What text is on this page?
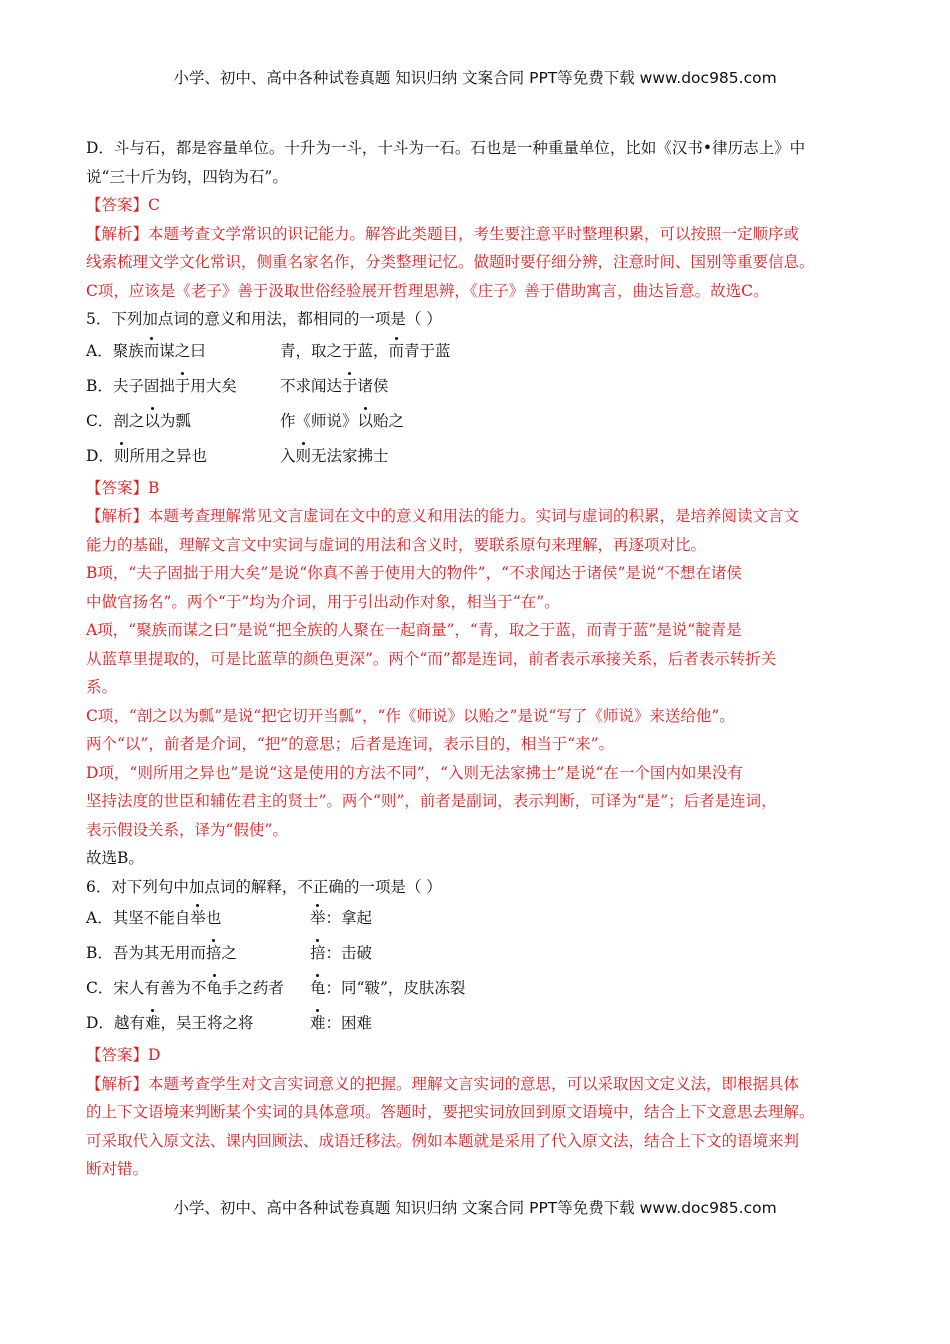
小学、初中、高中各种试卷真题 知识归纳 文案合同 PPT等免费下载 www.doc985.com
D．斗与石，都是容量单位。十升为一斗，十斗为一石。石也是一种重量单位，比如《汉书•律历志上》中
说“三十斤为钧，四钧为石”。
【答案】C
【解析】本题考查文学常识的识记能力。解答此类题目，考生要注意平时整理积累，可以按照一定顺序或
线索梳理文学文化常识，侧重名家名作，分类整理记忆。做题时要仔细分辨，注意时间、国别等重要信息。
C项，应该是《老子》善于汲取世俗经验展开哲理思辨，《庄子》善于借助寓言，曲达旨意。故选C。
5．下列加点词的意义和用法，都相同的一项是（ ）
A．聚族而谋之曰	青，取之于蓝，而青于蓝
B．夫子固拙于用大矣	不求闻达于诸侯
C．剖之以为瓢	作《师说》以贻之
D．则所用之异也	入则无法家拂士
【答案】B
【解析】本题考查理解常见文言虚词在文中的意义和用法的能力。实词与虚词的积累，是培养阅读文言文
能力的基础，理解文言文中实词与虚词的用法和含义时，要联系原句来理解，再逐项对比。
B项，“夫子固拙于用大矣”是说“你真不善于使用大的物件”，“不求闻达于诸侯”是说“不想在诸侯
中做官扬名”。两个“于”均为介词，用于引出动作对象，相当于“在”。
A项，“聚族而谋之曰”是说“把全族的人聚在一起商量”，“青，取之于蓝，而青于蓝”是说“靛青是
从蓝草里提取的，可是比蓝草的颜色更深”。两个“而”都是连词，前者表示承接关系，后者表示转折关
系。
C项，“剖之以为瓢”是说“把它切开当瓢”，“作《师说》以贻之”是说“写了《师说》来送给他”。
两个“以”，前者是介词，“把”的意思；后者是连词，表示目的，相当于“来”。
D项，“则所用之异也”是说“这是使用的方法不同”，“入则无法家拂士”是说“在一个国内如果没有
坚持法度的世臣和辅佐君主的贤士”。两个“则”，前者是副词，表示判断，可译为“是”；后者是连词，
表示假设关系，译为“假使”。
故选B。
6．对下列句中加点词的解释，不正确的一项是（ ）
A．其坚不能自举也	举：拿起
B．吾为其无用而掊之	掊：击破
C．宋人有善为不龟手之药者 龟：同“皲”，皮肤冻裂
D．越有难，吴王将之将	难：困难
【答案】D
【解析】本题考查学生对文言实词意义的把握。理解文言实词的意思，可以采取因文定义法，即根据具体
的上下文语境来判断某个实词的具体意项。答题时，要把实词放回到原文语境中，结合上下文意思去理解。
可采取代入原文法、课内回顾法、成语迁移法。例如本题就是采用了代入原文法，结合上下文的语境来判
断对错。
小学、初中、高中各种试卷真题 知识归纳 文案合同 PPT等免费下载 www.doc985.com
